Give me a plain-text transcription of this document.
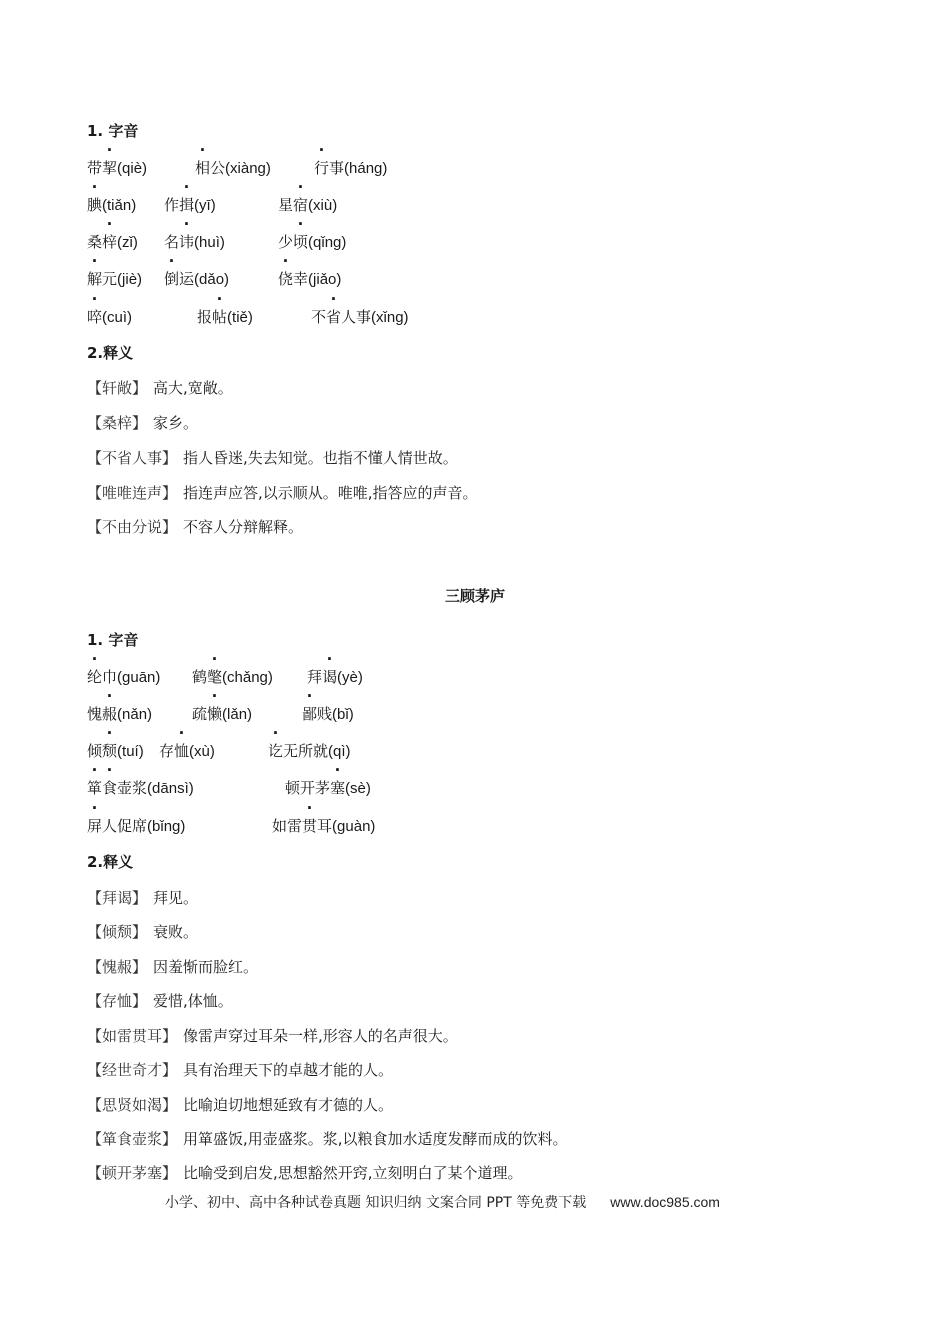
1. 字音
带挈(qiè)	相公(xiàng)	行事(háng)
腆(tiǎn) 作揖(yī)	星宿(xiù)
桑梓(zǐ) 名讳(huì)	少顷(qǐng)
解元(jiè) 倒运(dǎo)	侥幸(jiǎo)
啐(cuì)	报帖(tiě)	不省人事(xǐng)
2.释义
【轩敞】 高大,宽敞。
【桑梓】 家乡。
【不省人事】 指人昏迷,失去知觉。也指不懂人情世故。
【唯唯连声】 指连声应答,以示顺从。唯唯,指答应的声音。
【不由分说】 不容人分辩解释。
三顾茅庐
1. 字音
纶巾(guān) 鹤氅(chǎng) 拜谒(yè)
愧赧(nǎn)	疏懒(lǎn)	鄙贱(bǐ)
倾颓(tuí) 存恤(xù)	讫无所就(qì)
箪食壶浆(dānsì)	顿开茅塞(sè)
屏人促席(bǐng)	如雷贯耳(guàn)
2.释义
【拜谒】 拜见。
【倾颓】 衰败。
【愧赧】 因羞惭而脸红。
【存恤】 爱惜,体恤。
【如雷贯耳】 像雷声穿过耳朵一样,形容人的名声很大。
【经世奇才】 具有治理天下的卓越才能的人。
【思贤如渴】 比喻迫切地想延致有才德的人。
【箪食壶浆】 用箪盛饭,用壶盛浆。浆,以粮食加水适度发酵而成的饮料。
【顿开茅塞】 比喻受到启发,思想豁然开窍,立刻明白了某个道理。
小学、初中、高中各种试卷真题 知识归纳 文案合同 PPT 等免费下载 www.doc985.com
